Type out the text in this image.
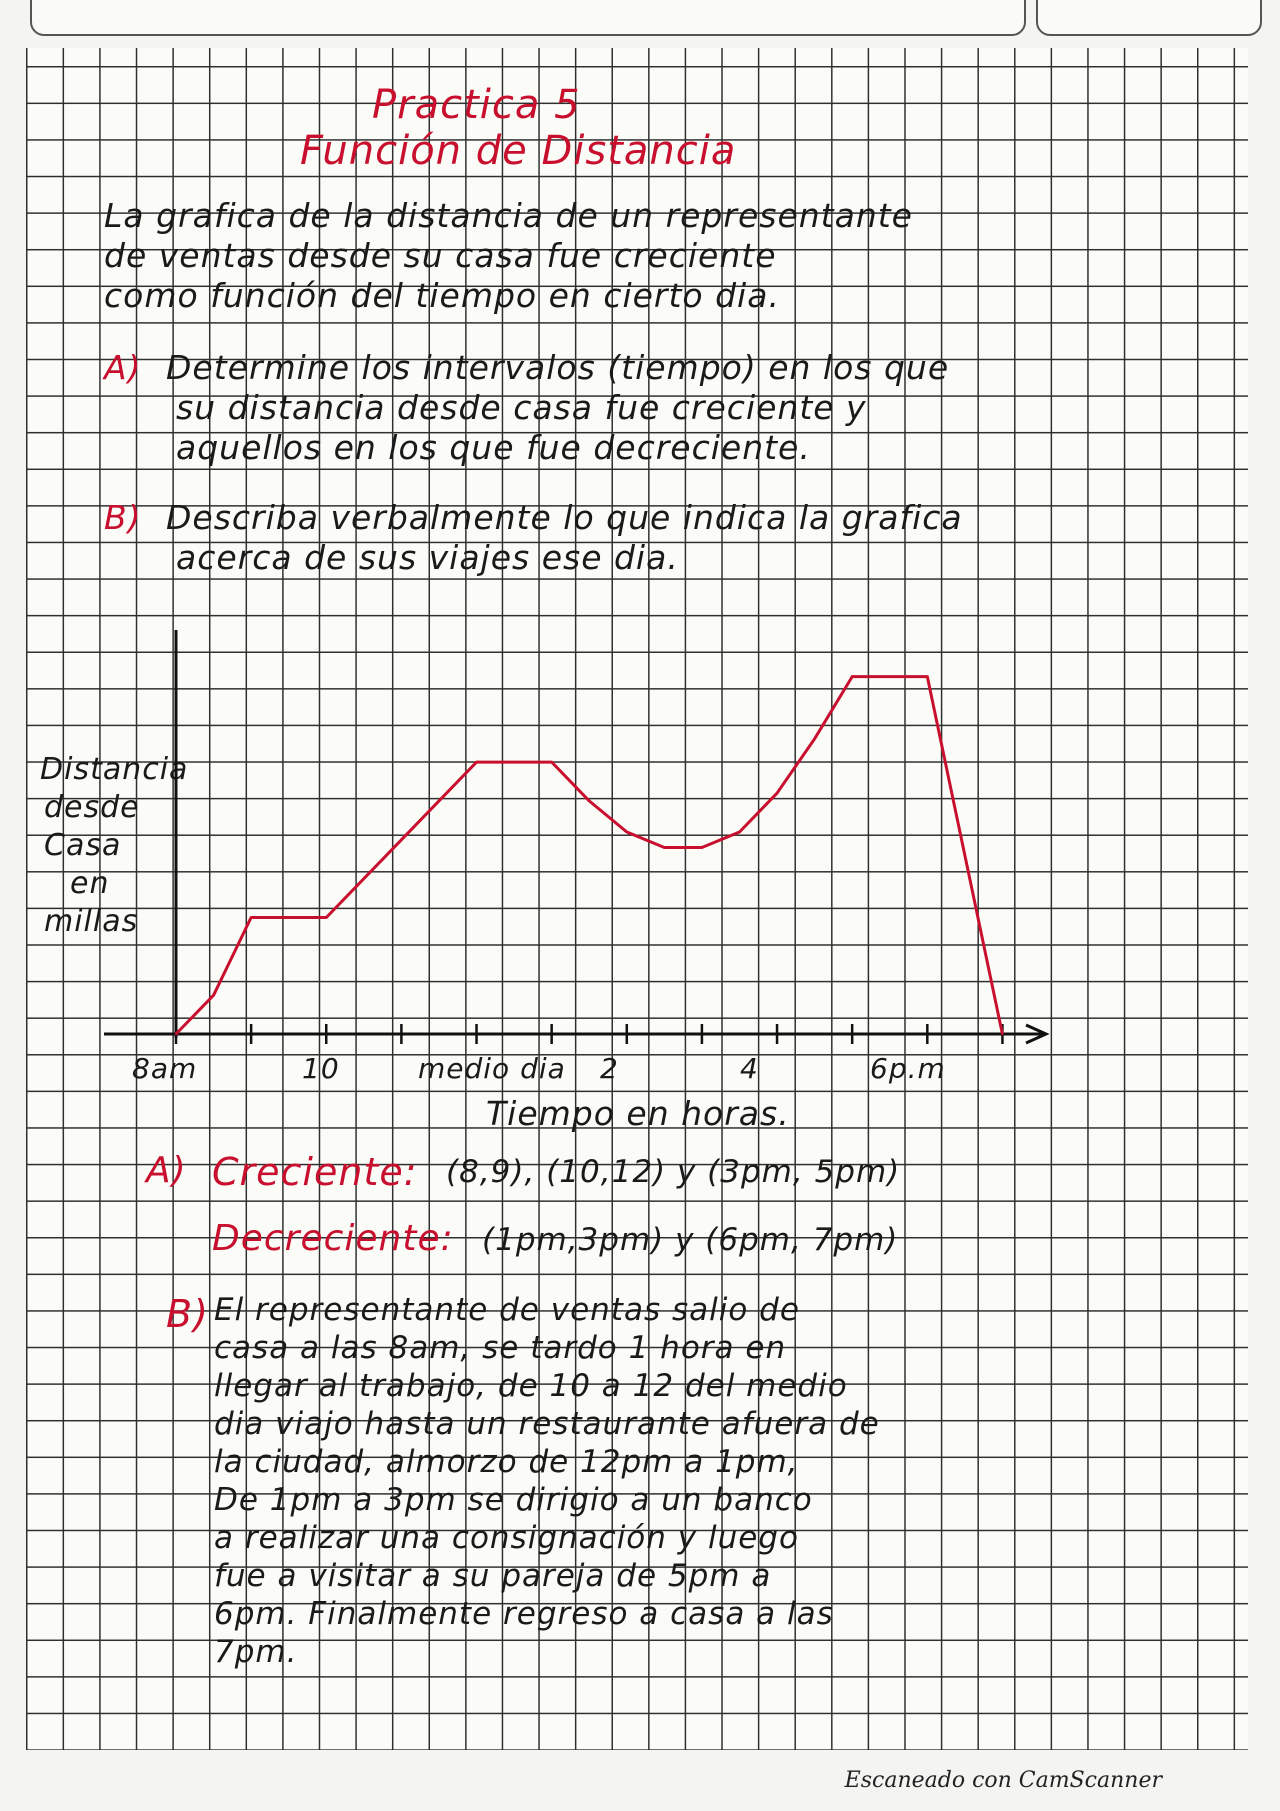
Practica 5
Función de Distancia
La grafica de la distancia de un representante
de ventas desde su casa fue creciente
como función del tiempo en cierto dia.
A) Determine los intervalos (tiempo) en los que
su distancia desde casa fue creciente y
aquellos en los que fue decreciente.
B) Describa verbalmente lo que indica la grafica
acerca de sus viajes ese dia.
Distancia
desde
Casa
en
millas
8am	10	medio dia 2	4	6p.m
Tiempo en horas.
A) Creciente: (8,9), (10,12) y (3pm, 5pm)
Decreciente: (1pm,3pm) y (6pm, 7pm)
B) El representante de ventas salio de
casa a las 8am, se tardo 1 hora en
llegar al trabajo, de 10 a 12 del medio
dia viajo hasta un restaurante afuera de
la ciudad, almorzo de 12pm a 1pm,
De 1pm a 3pm se dirigio a un banco
a realizar una consignación y luego
fue a visitar a su pareja de 5pm a
6pm. Finalmente regreso a casa a las
7pm.
Escaneado con CamScanner
